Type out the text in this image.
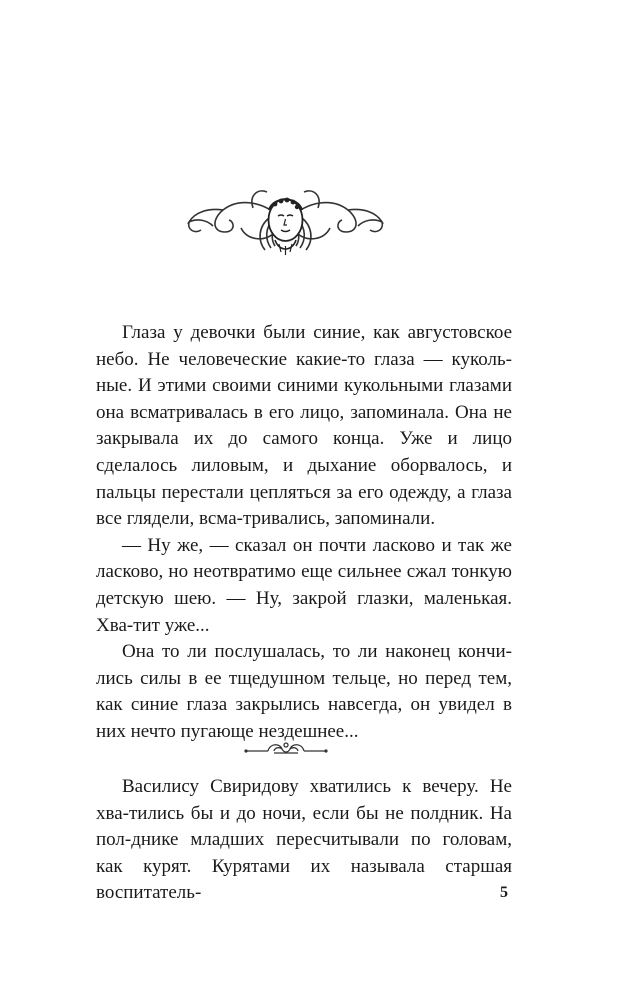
Глаза у девочки были синие, как августовское небо. Не человеческие какие-то глаза — куколь-ные. И этими своими синими кукольными глазами она всматривалась в его лицо, запоминала. Она не закрывала их до самого конца. Уже и лицо сделалось лиловым, и дыхание оборвалось, и пальцы перестали цепляться за его одежду, а глаза все глядели, всма-тривались, запоминали.

— Ну же, — сказал он почти ласково и так же ласково, но неотвратимо еще сильнее сжал тонкую детскую шею. — Ну, закрой глазки, маленькая. Хва-тит уже...

Она то ли послушалась, то ли наконец кончи-лись силы в ее тщедушном тельце, но перед тем, как синие глаза закрылись навсегда, он увидел в них нечто пугающе нездешнее...

Василису Свиридову хватились к вечеру. Не хва-тились бы и до ночи, если бы не полдник. На пол-днике младших пересчитывали по головам, как курят. Курятами их называла старшая воспитатель-	5
